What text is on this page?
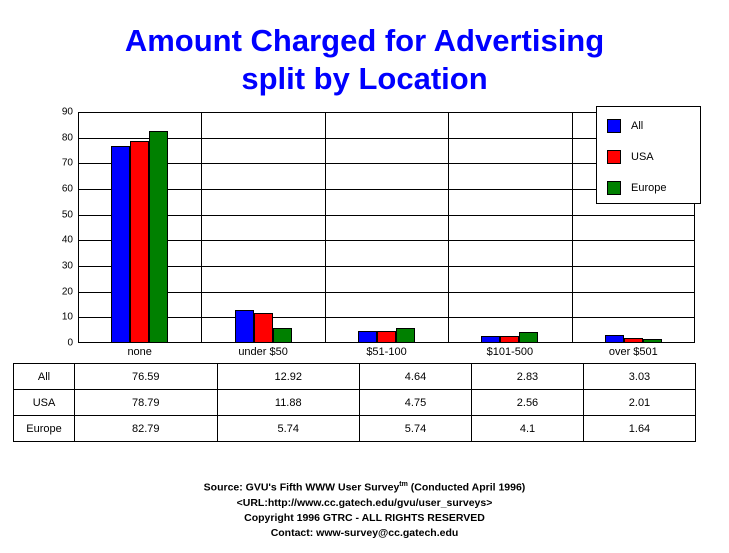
Amount Charged for Advertising
split by Location
0
10
20
30
40
50
60
70
80
90
none	under $50	$51-100	$101-500	over $501
All
USA
Europe
All	76.59	12.92	4.64	2.83	3.03
USA	78.79	11.88	4.75	2.56	2.01
Europe	82.79	5.74	5.74	4.1	1.64
Source: GVU's Fifth WWW User Survey$^{tm}$ (Conducted April 1996)
<URL:http://www.cc.gatech.edu/gvu/user_surveys>
Copyright 1996 GTRC - ALL RIGHTS RESERVED
Contact: www-survey@cc.gatech.edu
